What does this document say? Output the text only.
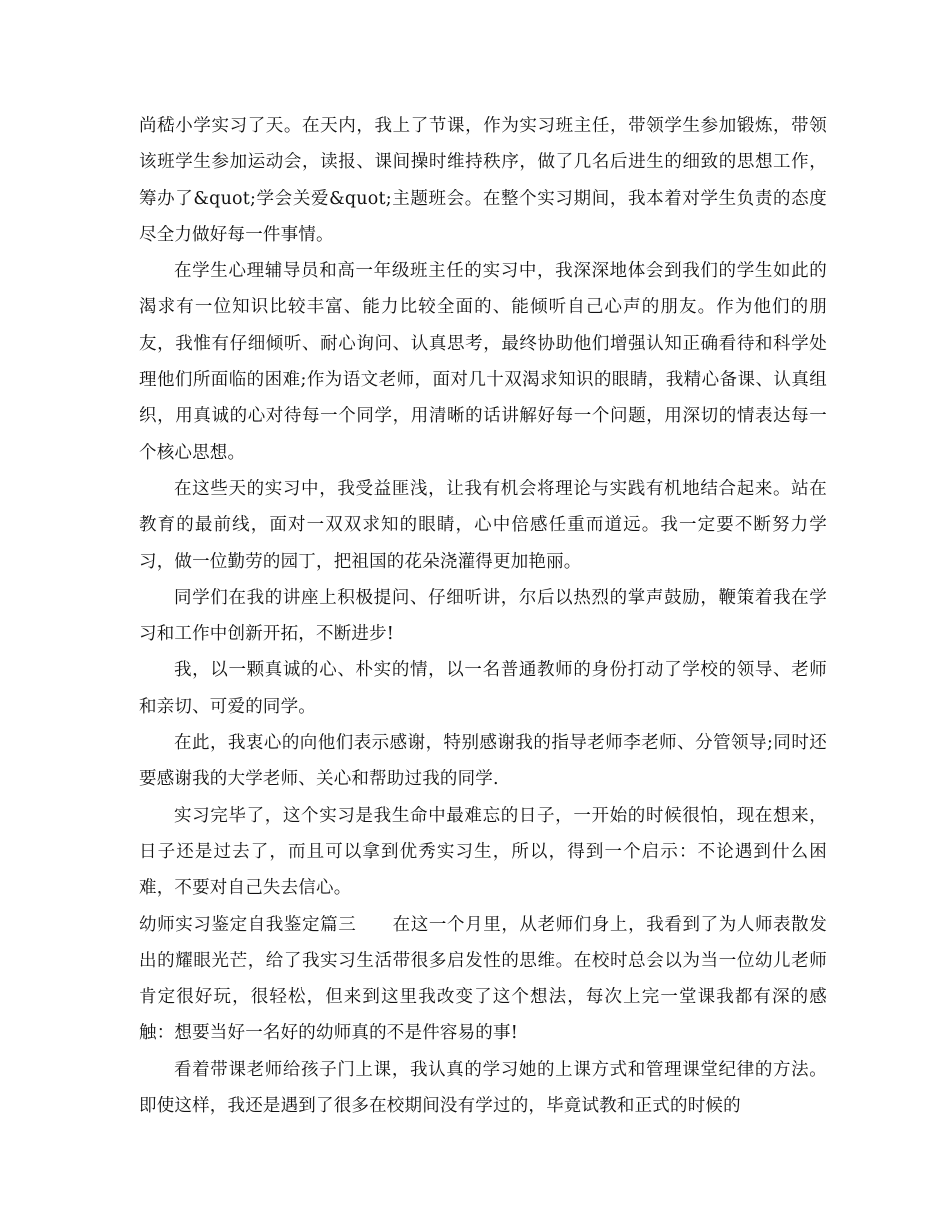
尚嵇小学实习了天。在天内，我上了节课，作为实习班主任，带领学生参加锻炼，带领该班学生参加运动会，读报、课间操时维持秩序，做了几名后进生的细致的思想工作，筹办了&quot;学会关爱&quot;主题班会。在整个实习期间，我本着对学生负责的态度尽全力做好每一件事情。

在学生心理辅导员和高一年级班主任的实习中，我深深地体会到我们的学生如此的渴求有一位知识比较丰富、能力比较全面的、能倾听自己心声的朋友。作为他们的朋友，我惟有仔细倾听、耐心询问、认真思考，最终协助他们增强认知正确看待和科学处理他们所面临的困难;作为语文老师，面对几十双渴求知识的眼睛，我精心备课、认真组织，用真诚的心对待每一个同学，用清晰的话讲解好每一个问题，用深切的情表达每一个核心思想。

在这些天的实习中，我受益匪浅，让我有机会将理论与实践有机地结合起来。站在教育的最前线，面对一双双求知的眼睛，心中倍感任重而道远。我一定要不断努力学习，做一位勤劳的园丁，把祖国的花朵浇灌得更加艳丽。

同学们在我的讲座上积极提问、仔细听讲，尔后以热烈的掌声鼓励，鞭策着我在学习和工作中创新开拓，不断进步!

我，以一颗真诚的心、朴实的情，以一名普通教师的身份打动了学校的领导、老师和亲切、可爱的同学。

在此，我衷心的向他们表示感谢，特别感谢我的指导老师李老师、分管领导;同时还要感谢我的大学老师、关心和帮助过我的同学.

实习完毕了，这个实习是我生命中最难忘的日子，一开始的时候很怕，现在想来，日子还是过去了，而且可以拿到优秀实习生，所以，得到一个启示：不论遇到什么困难，不要对自己失去信心。

幼师实习鉴定自我鉴定篇三　　在这一个月里，从老师们身上，我看到了为人师表散发出的耀眼光芒，给了我实习生活带很多启发性的思维。在校时总会以为当一位幼儿老师肯定很好玩，很轻松，但来到这里我改变了这个想法，每次上完一堂课我都有深的感触：想要当好一名好的幼师真的不是件容易的事!

看着带课老师给孩子门上课，我认真的学习她的上课方式和管理课堂纪律的方法。即使这样，我还是遇到了很多在校期间没有学过的，毕竟试教和正式的时候的
